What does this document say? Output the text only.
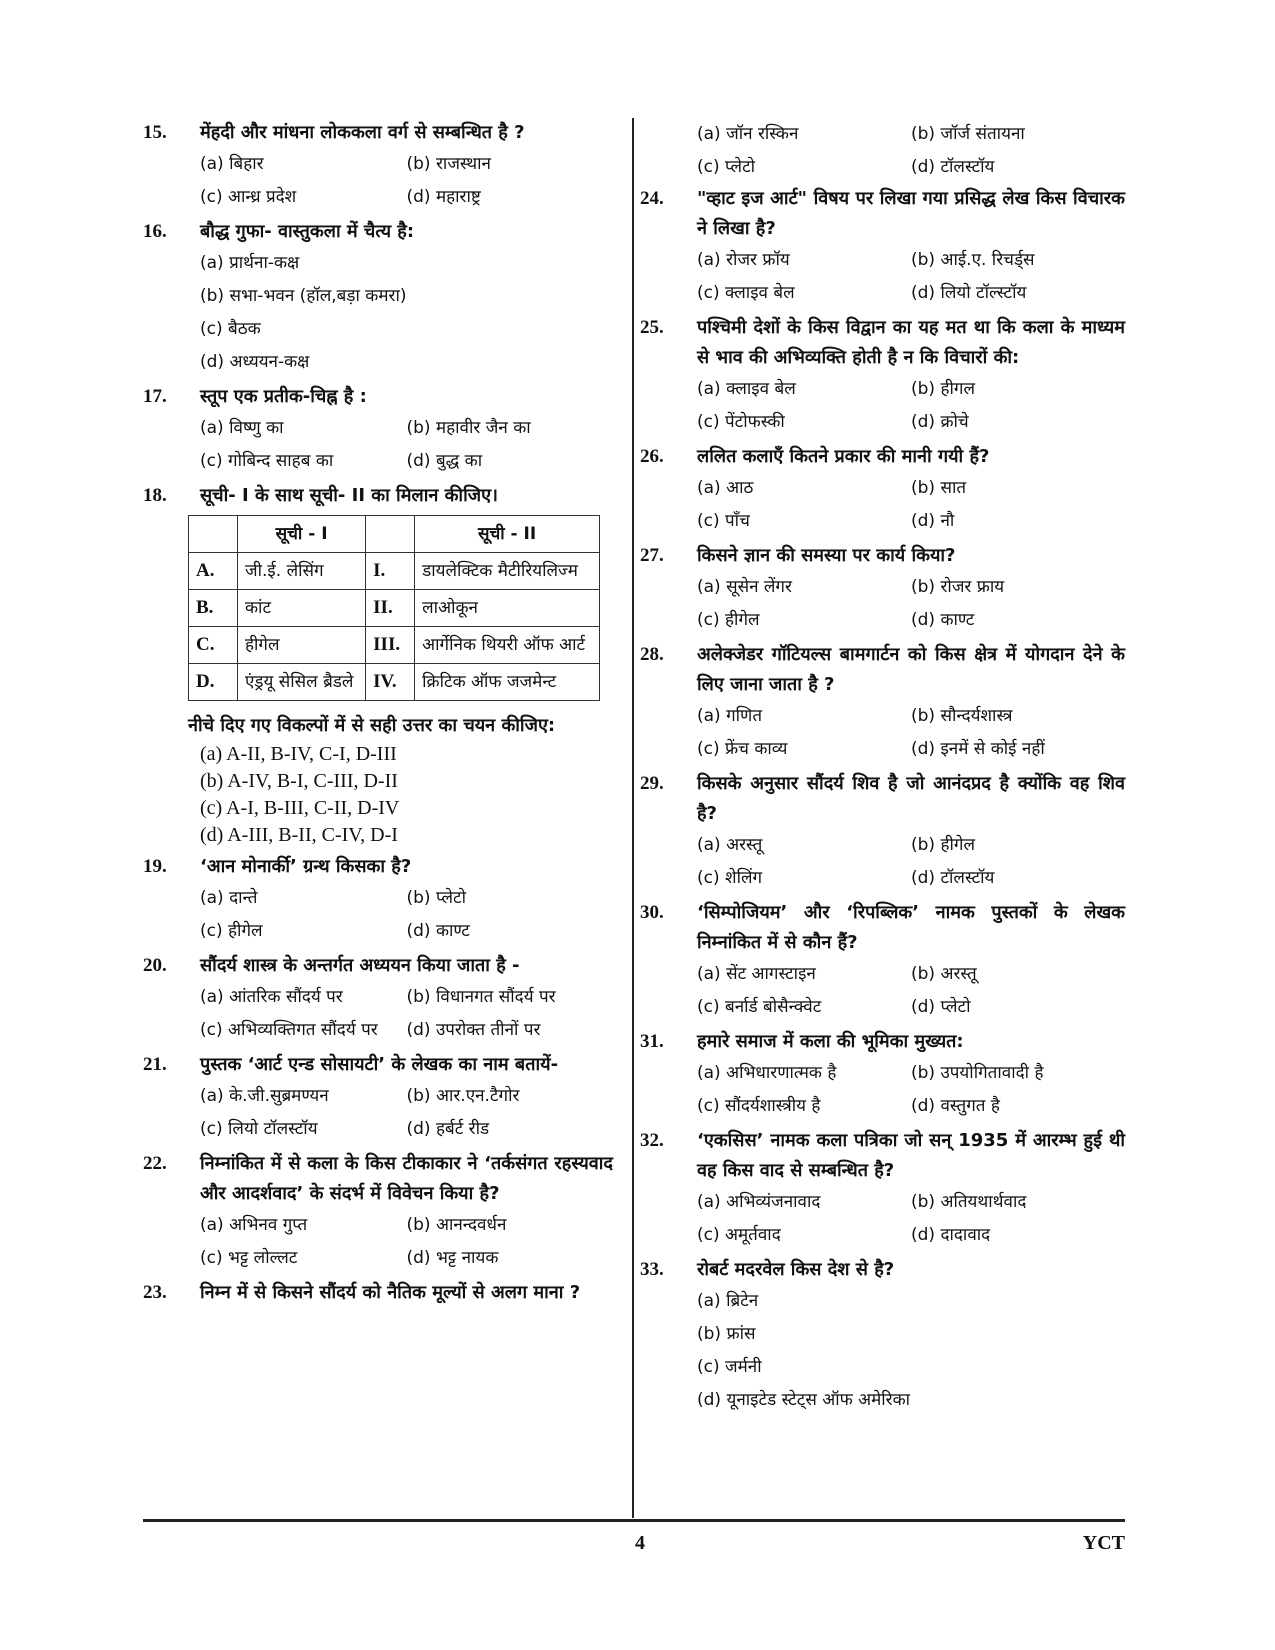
15.	मेंहदी और मांधना लोककला वर्ग से सम्बन्धित है ?
(a) बिहार	(b) राजस्थान
(c) आन्ध्र प्रदेश	(d) महाराष्ट्र
16.	बौद्ध गुफा- वास्तुकला में चैत्य है:
(a) प्रार्थना-कक्ष
(b) सभा-भवन (हॉल,बड़ा कमरा)
(c) बैठक
(d) अध्ययन-कक्ष
17.	स्तूप एक प्रतीक-चिह्न है :
(a) विष्णु का	(b) महावीर जैन का
(c) गोबिन्द साहब का	(d) बुद्ध का
18.	सूची- I के साथ सूची- II का मिलान कीजिए।
	सूची - I		सूची - II
A.	जी.ई. लेसिंग	I.	डायलेक्टिक मैटीरियलिज्म
B.	कांट	II.	लाओकून
C.	हीगेल	III.	आर्गेनिक थियरी ऑफ आर्ट
D.	एंड्रयू सेसिल ब्रैडले	IV.	क्रिटिक ऑफ जजमेन्ट
नीचे दिए गए विकल्पों में से सही उत्तर का चयन कीजिए:
(a) A-II, B-IV, C-I, D-III
(b) A-IV, B-I, C-III, D-II
(c) A-I, B-III, C-II, D-IV
(d) A-III, B-II, C-IV, D-I
19.	‘आन मोनार्की’ ग्रन्थ किसका है?
(a) दान्ते	(b) प्लेटो
(c) हीगेल	(d) काण्ट
20.	सौंदर्य शास्त्र के अन्तर्गत अध्ययन किया जाता है -
(a) आंतरिक सौंदर्य पर	(b) विधानगत सौंदर्य पर
(c) अभिव्यक्तिगत सौंदर्य पर	(d) उपरोक्त तीनों पर
21.	पुस्तक ‘आर्ट एन्ड सोसायटी’ के लेखक का नाम बतायें-
(a) के.जी.सुब्रमण्यन	(b) आर.एन.टैगोर
(c) लियो टॉलस्टॉय	(d) हर्बर्ट रीड
22.	निम्नांकित में से कला के किस टीकाकार ने ‘तर्कसंगत रहस्यवाद और आदर्शवाद’ के संदर्भ में विवेचन किया है?
(a) अभिनव गुप्त	(b) आनन्दवर्धन
(c) भट्ट लोल्लट	(d) भट्ट नायक
23.	निम्न में से किसने सौंदर्य को नैतिक मूल्यों से अलग माना ?
(a) जॉन रस्किन	(b) जॉर्ज संतायना
(c) प्लेटो	(d) टॉलस्टॉय
24.	"व्हाट इज आर्ट" विषय पर लिखा गया प्रसिद्ध लेख किस विचारक ने लिखा है?
(a) रोजर फ्रॉय	(b) आई.ए. रिचर्ड्स
(c) क्लाइव बेल	(d) लियो टॉल्स्टॉय
25.	पश्चिमी देशों के किस विद्वान का यह मत था कि कला के माध्यम से भाव की अभिव्यक्ति होती है न कि विचारों की:
(a) क्लाइव बेल	(b) हीगल
(c) पेंटोफस्की	(d) क्रोचे
26.	ललित कलाएँ कितने प्रकार की मानी गयी हैं?
(a) आठ	(b) सात
(c) पाँच	(d) नौ
27.	किसने ज्ञान की समस्या पर कार्य किया?
(a) सूसेन लेंगर	(b) रोजर फ्राय
(c) हीगेल	(d) काण्ट
28.	अलेक्जेडर गॉटियल्स बामगार्टन को किस क्षेत्र में योगदान देने के लिए जाना जाता है ?
(a) गणित	(b) सौन्दर्यशास्त्र
(c) फ्रेंच काव्य	(d) इनमें से कोई नहीं
29.	किसके अनुसार सौंदर्य शिव है जो आनंदप्रद है क्योंकि वह शिव है?
(a) अरस्तू	(b) हीगेल
(c) शेलिंग	(d) टॉलस्टॉय
30.	‘सिम्पोजियम’ और ‘रिपब्लिक’ नामक पुस्तकों के लेखक निम्नांकित में से कौन हैं?
(a) सेंट आगस्टाइन	(b) अरस्तू
(c) बर्नार्ड बोसैन्क्वेट	(d) प्लेटो
31.	हमारे समाज में कला की भूमिका मुख्यत:
(a) अभिधारणात्मक है	(b) उपयोगितावादी है
(c) सौंदर्यशास्त्रीय है	(d) वस्तुगत है
32.	‘एकसिस’ नामक कला पत्रिका जो सन् 1935 में आरम्भ हुई थी वह किस वाद से सम्बन्धित है?
(a) अभिव्यंजनावाद	(b) अतियथार्थवाद
(c) अमूर्तवाद	(d) दादावाद
33.	रोबर्ट मदरवेल किस देश से है?
(a) ब्रिटेन
(b) फ्रांस
(c) जर्मनी
(d) यूनाइटेड स्टेट्स ऑफ अमेरिका
4	YCT
